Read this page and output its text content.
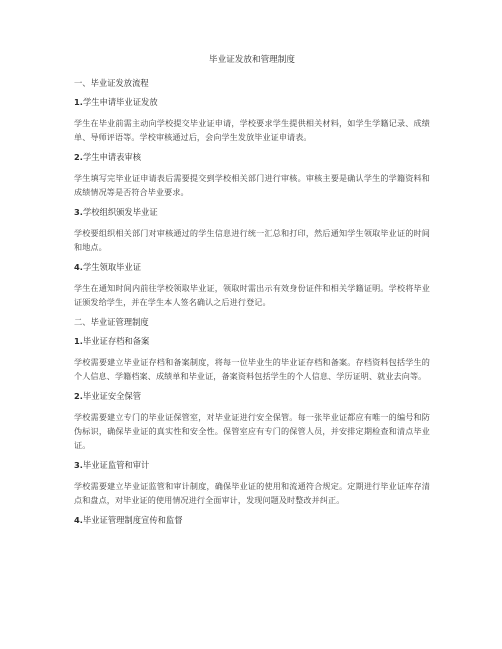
毕业证发放和管理制度
一、毕业证发放流程
1.学生申请毕业证发放
学生在毕业前需主动向学校提交毕业证申请，学校要求学生提供相关材料，如学生学籍记录、成绩单、导师评语等。学校审核通过后，会向学生发放毕业证申请表。
2.学生申请表审核
学生填写完毕业证申请表后需要提交到学校相关部门进行审核。审核主要是确认学生的学籍资料和成绩情况等是否符合毕业要求。
3.学校组织颁发毕业证
学校要组织相关部门对审核通过的学生信息进行统一汇总和打印，然后通知学生领取毕业证的时间和地点。
4.学生领取毕业证
学生在通知时间内前往学校领取毕业证，领取时需出示有效身份证件和相关学籍证明。学校将毕业证颁发给学生，并在学生本人签名确认之后进行登记。
二、毕业证管理制度
1.毕业证存档和备案
学校需要建立毕业证存档和备案制度，将每一位毕业生的毕业证存档和备案。存档资料包括学生的个人信息、学籍档案、成绩单和毕业证，备案资料包括学生的个人信息、学历证明、就业去向等。
2.毕业证安全保管
学校需要建立专门的毕业证保管室，对毕业证进行安全保管。每一张毕业证都应有唯一的编号和防伪标识，确保毕业证的真实性和安全性。保管室应有专门的保管人员，并安排定期检查和清点毕业证。
3.毕业证监管和审计
学校需要建立毕业证监管和审计制度，确保毕业证的使用和流通符合规定。定期进行毕业证库存清点和盘点，对毕业证的使用情况进行全面审计，发现问题及时整改并纠正。
4.毕业证管理制度宣传和监督
